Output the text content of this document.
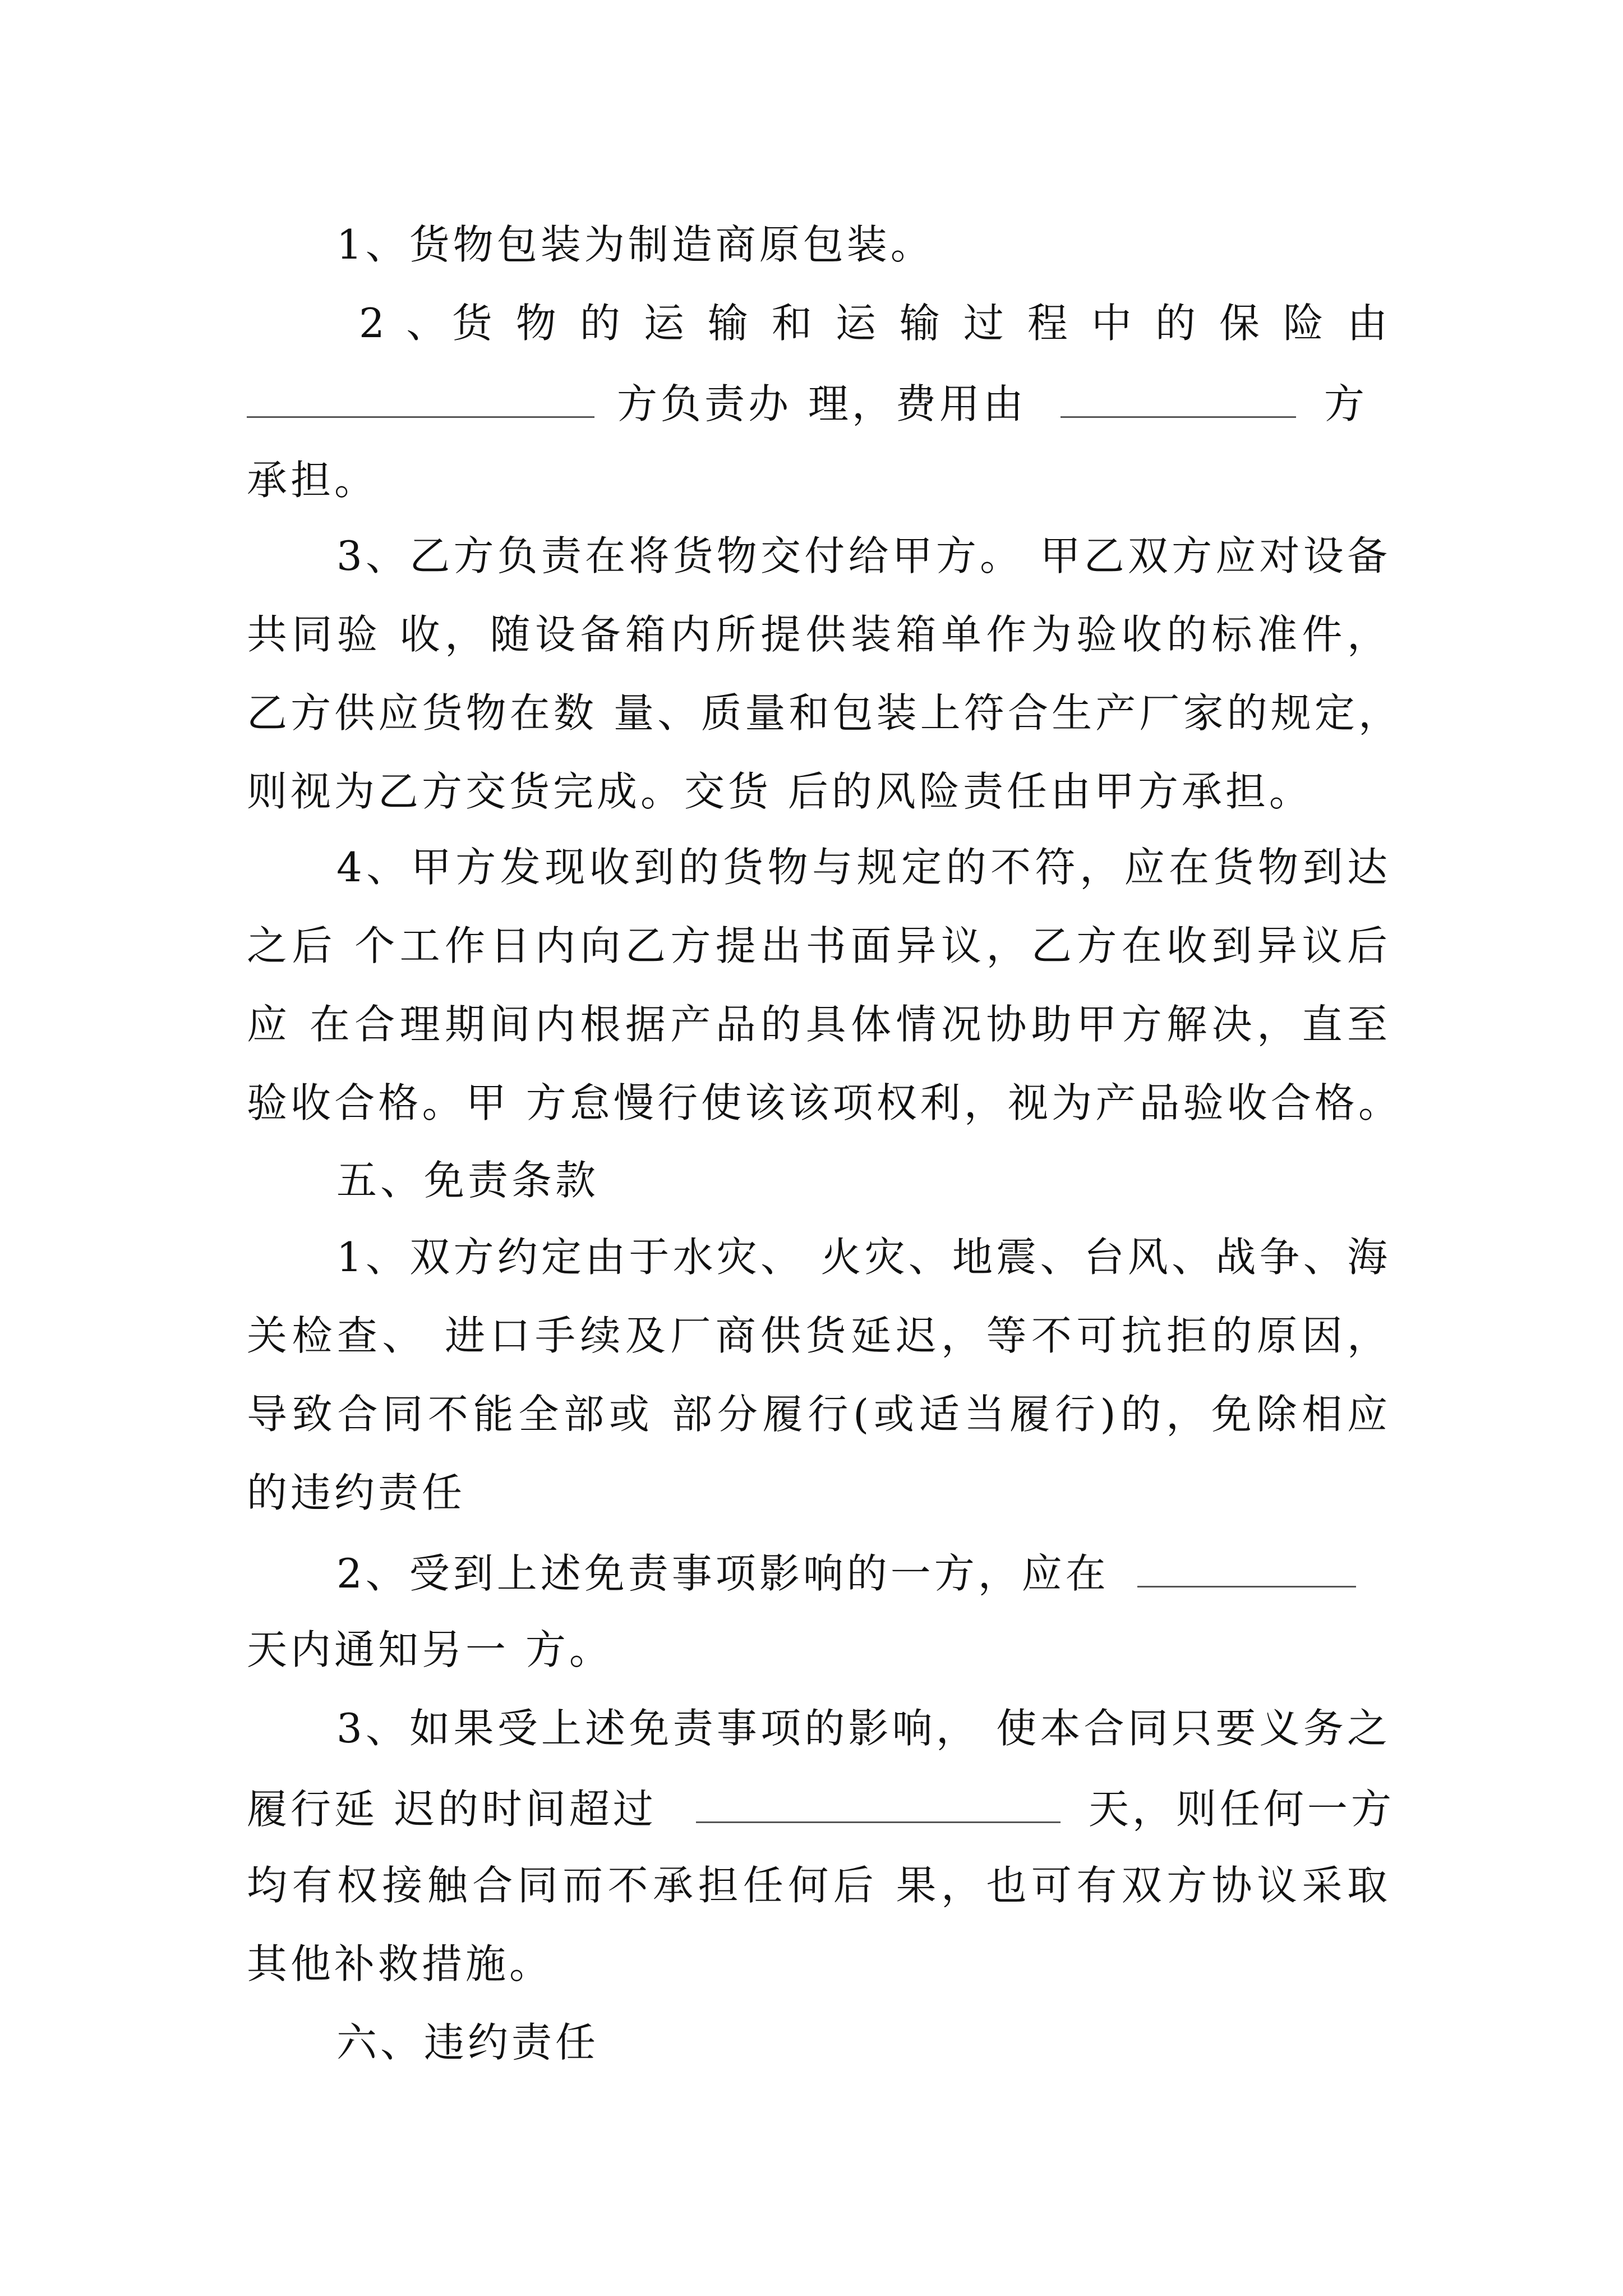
1、货物包装为制造商原包装。
2 、货 物 的 运 输 和 运 输 过 程 中 的 保 险 由
方负责办 理，费用由	方
承担。
3、乙方负责在将货物交付给甲方。 甲乙双方应对设备
共同验 收，随设备箱内所提供装箱单作为验收的标准件，
乙方供应货物在数 量、质量和包装上符合生产厂家的规定，
则视为乙方交货完成。交货 后的风险责任由甲方承担。
4、甲方发现收到的货物与规定的不符，应在货物到达
之后 个工作日内向乙方提出书面异议，乙方在收到异议后
应 在合理期间内根据产品的具体情况协助甲方解决，直至
验收合格。甲 方怠慢行使该该项权利，视为产品验收合格。
五、免责条款
1、双方约定由于水灾、 火灾、地震、台风、战争、海
关检查、 进口手续及厂商供货延迟，等不可抗拒的原因，
导致合同不能全部或 部分履行(或适当履行)的，免除相应
的违约责任
2、受到上述免责事项影响的一方，应在
天内通知另一 方。
3、如果受上述免责事项的影响， 使本合同只要义务之
履行延 迟的时间超过	天，则任何一方
均有权接触合同而不承担任何后 果，也可有双方协议采取
其他补救措施。
六、违约责任
